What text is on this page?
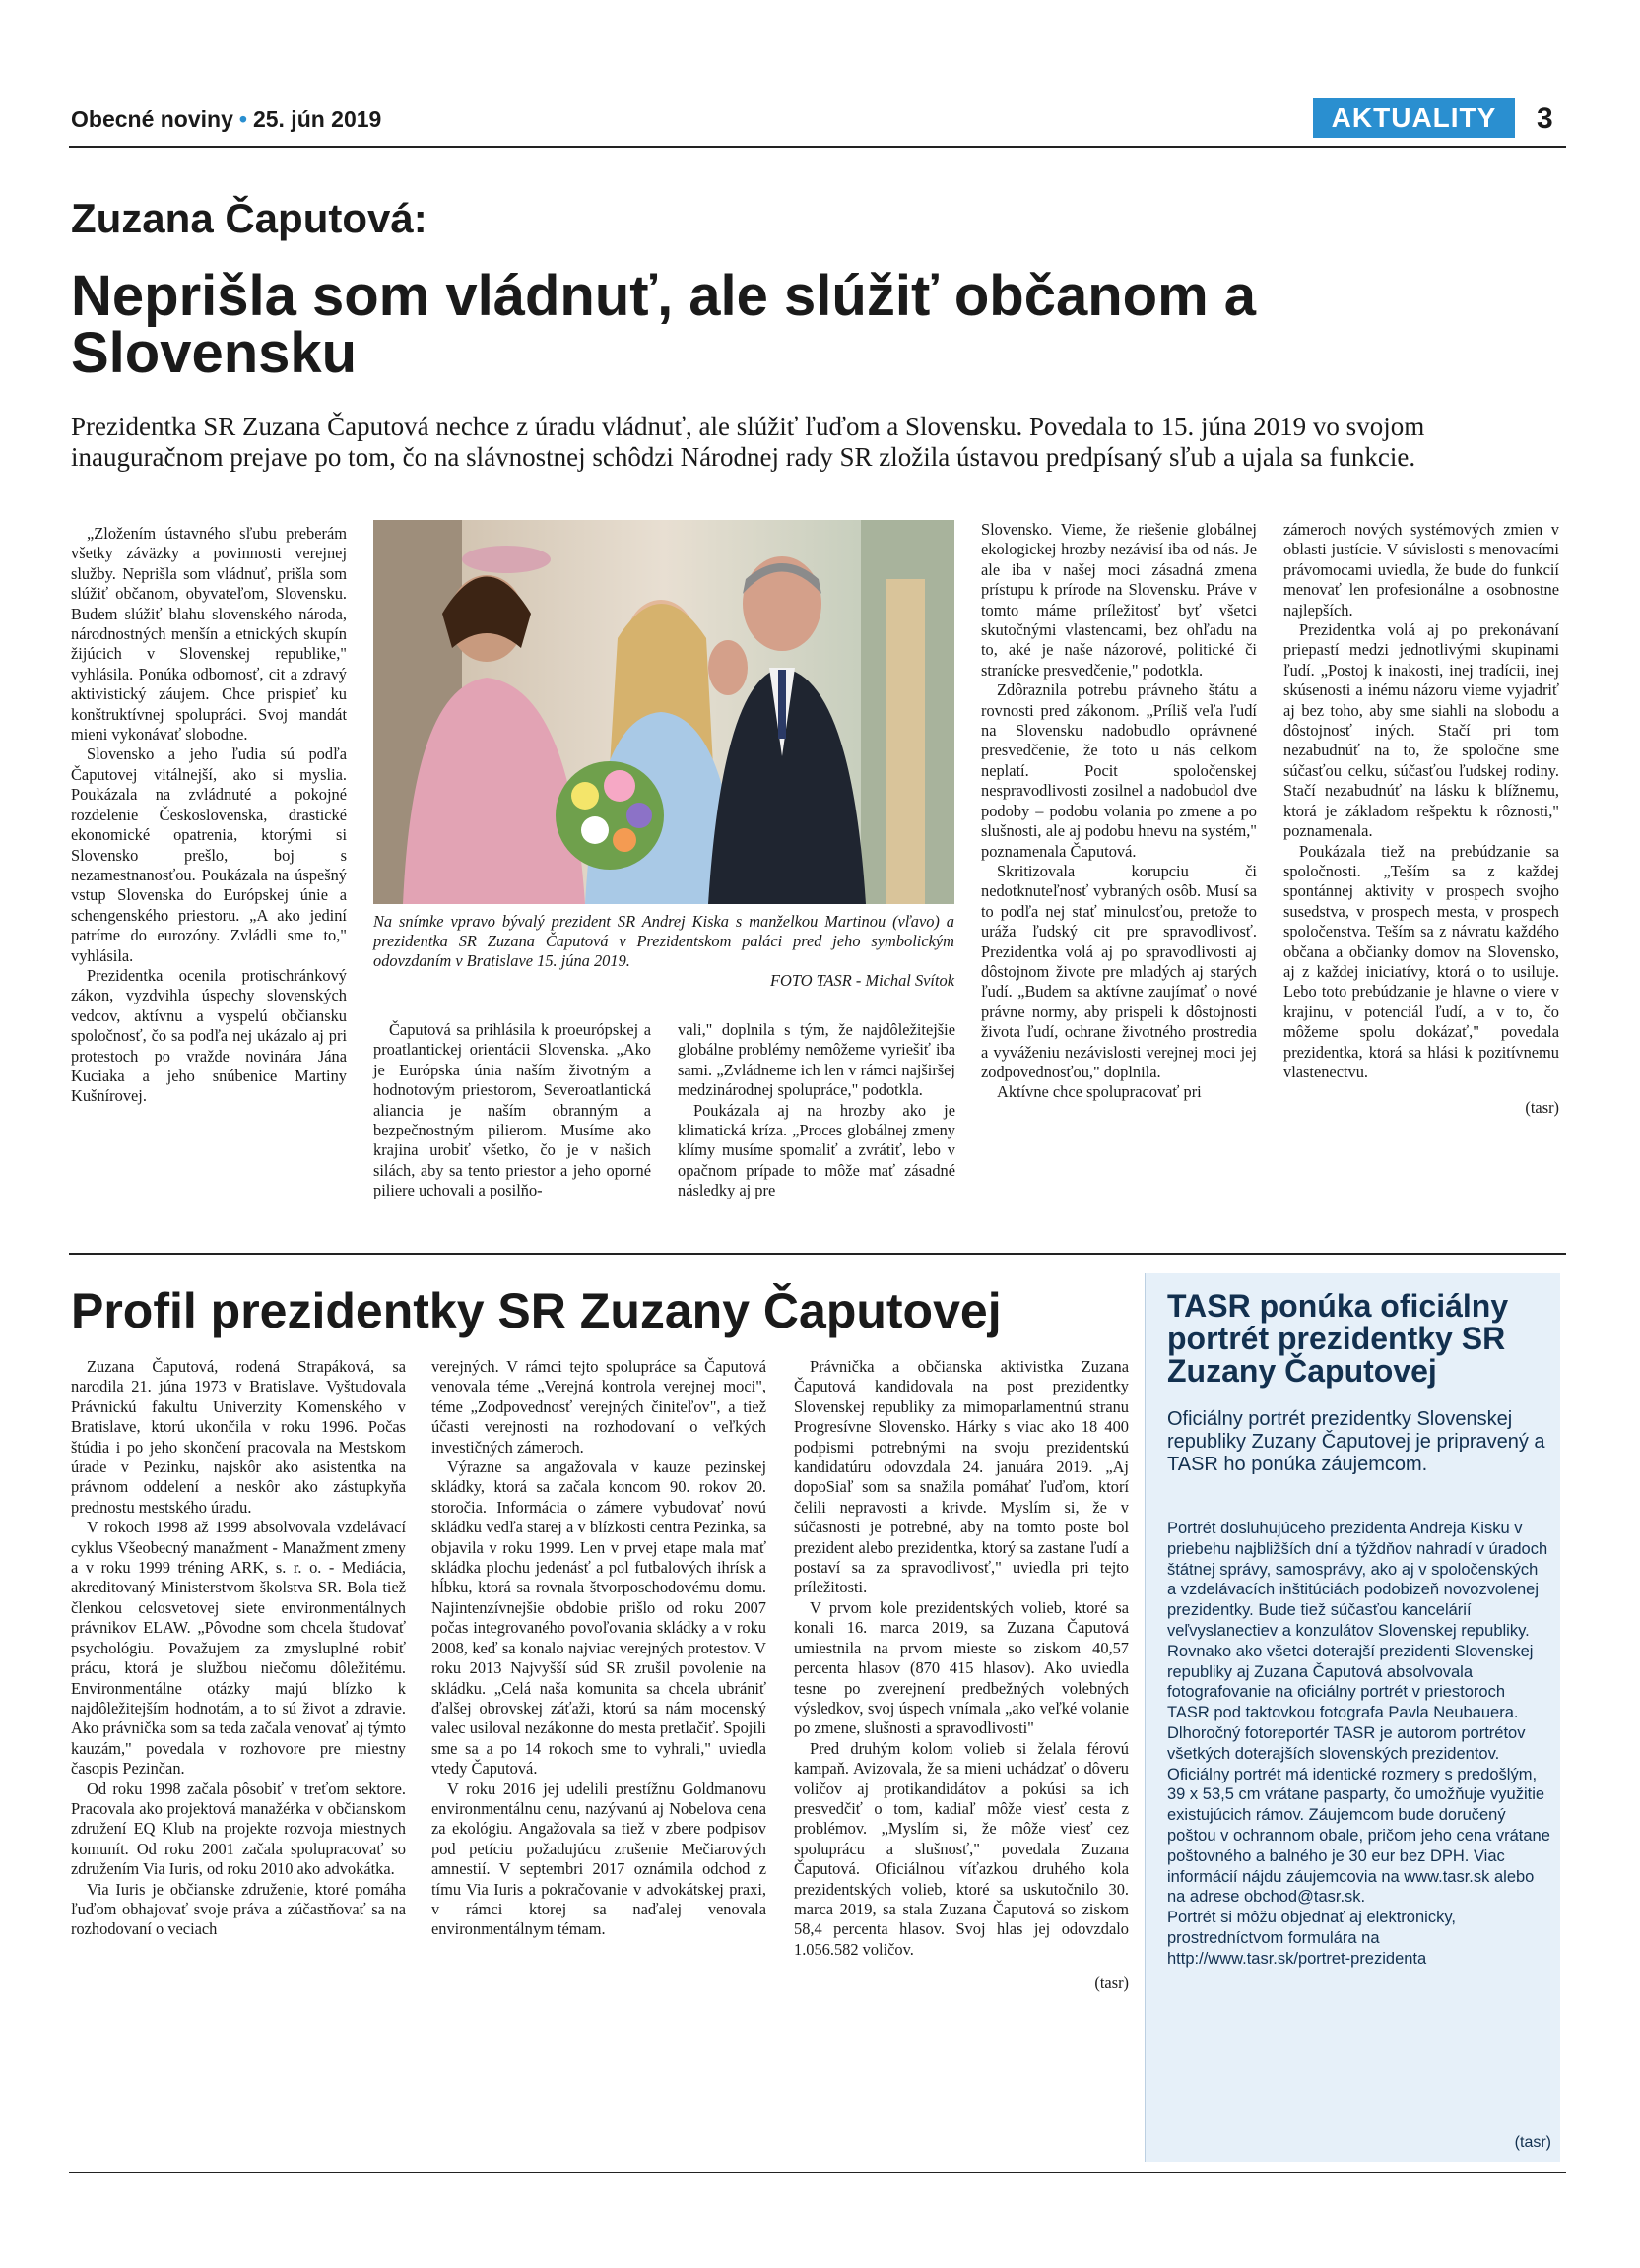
Obecné noviny • 25. jún 2019	AKTUALITY	3
Zuzana Čaputová:
Neprišla som vládnuť, ale slúžiť občanom a Slovensku
Prezidentka SR Zuzana Čaputová nechce z úradu vládnuť, ale slúžiť ľuďom a Slovensku. Povedala to 15. júna 2019 vo svojom inauguračnom prejave po tom, čo na slávnostnej schôdzi Národnej rady SR zložila ústavou predpísaný sľub a ujala sa funkcie.

„Zložením ústavného sľubu preberám všetky záväzky a povinnosti verejnej služby. Neprišla som vládnuť, prišla som slúžiť občanom, obyvateľom, Slovensku. Budem slúžiť blahu slovenského národa, národnostných menšín a etnických skupín žijúcich v Slovenskej republike," vyhlásila. Ponúka odbornosť, cit a zdravý aktivistický záujem. Chce prispieť ku konštruktívnej spolupráci. Svoj mandát mieni vykonávať slobodne.

Slovensko a jeho ľudia sú podľa Čaputovej vitálnejší, ako si myslia. Poukázala na zvládnuté a pokojné rozdelenie Československa, drastické ekonomické opatrenia, ktorými si Slovensko prešlo, boj s nezamestnanosťou. Poukázala na úspešný vstup Slovenska do Európskej únie a schengenského priestoru. „A ako jediní patríme do eurozóny. Zvládli sme to," vyhlásila.

Prezidentka ocenila protischránkový zákon, vyzdvihla úspechy slovenských vedcov, aktívnu a vyspelú občiansku spoločnosť, čo sa podľa nej ukázalo aj pri protestoch po vražde novinára Jána Kuciaka a jeho snúbenice Martiny Kušnírovej.

Na snímke vpravo bývalý prezident SR Andrej Kiska s manželkou Martinou (vľavo) a prezidentka SR Zuzana Čaputová v Prezidentskom paláci pred jeho symbolickým odovzdaním v Bratislave 15. júna 2019.
FOTO TASR - Michal Svítok

Čaputová sa prihlásila k proeurópskej a proatlantickej orientácii Slovenska. „Ako je Európska únia naším životným a hodnotovým priestorom, Severoatlantická aliancia je naším obranným a bezpečnostným pilierom. Musíme ako krajina urobiť všetko, čo je v našich silách, aby sa tento priestor a jeho oporné piliere uchovali a posilňo-

vali," doplnila s tým, že najdôležitejšie globálne problémy nemôžeme vyriešiť iba sami. „Zvládneme ich len v rámci najširšej medzinárodnej spolupráce," podotkla.

Poukázala aj na hrozby ako je klimatická kríza. „Proces globálnej zmeny klímy musíme spomaliť a zvrátiť, lebo v opačnom prípade to môže mať zásadné následky aj pre

Slovensko. Vieme, že riešenie globálnej ekologickej hrozby nezávisí iba od nás. Je ale iba v našej moci zásadná zmena prístupu k prírode na Slovensku. Práve v tomto máme príležitosť byť všetci skutočnými vlastencami, bez ohľadu na to, aké je naše názorové, politické či stranícke presvedčenie," podotkla.

Zdôraznila potrebu právneho štátu a rovnosti pred zákonom. „Príliš veľa ľudí na Slovensku nadobudlo oprávnené presvedčenie, že toto u nás celkom neplatí. Pocit spoločenskej nespravodlivosti zosilnel a nadobudol dve podoby – podobu volania po zmene a po slušnosti, ale aj podobu hnevu na systém," poznamenala Čaputová.

Skritizovala korupciu či nedotknuteľnosť vybraných osôb. Musí sa to podľa nej stať minulosťou, pretože to uráža ľudský cit pre spravodlivosť. Prezidentka volá aj po spravodlivosti aj dôstojnom živote pre mladých aj starých ľudí. „Budem sa aktívne zaujímať o nové právne normy, aby prispeli k dôstojnosti života ľudí, ochrane životného prostredia a vyváženiu nezávislosti verejnej moci jej zodpovednosťou," doplnila.

Aktívne chce spolupracovať pri

zámeroch nových systémových zmien v oblasti justície. V súvislosti s menovacími právomocami uviedla, že bude do funkcií menovať len profesionálne a osobnostne najlepších.

Prezidentka volá aj po prekonávaní priepastí medzi jednotlivými skupinami ľudí. „Postoj k inakosti, inej tradícii, inej skúsenosti a inému názoru vieme vyjadriť aj bez toho, aby sme siahli na slobodu a dôstojnosť iných. Stačí pri tom nezabudnúť na to, že spoločne sme súčasťou celku, súčasťou ľudskej rodiny. Stačí nezabudnúť na lásku k blížnemu, ktorá je základom rešpektu k rôznosti," poznamenala.

Poukázala tiež na prebúdzanie sa spoločnosti. „Teším sa z každej spontánnej aktivity v prospech svojho susedstva, v prospech mesta, v prospech spoločenstva. Teším sa z návratu každého občana a občianky domov na Slovensko, aj z každej iniciatívy, ktorá o to usiluje. Lebo toto prebúdzanie je hlavne o viere v krajinu, v potenciál ľudí, a v to, čo môžeme spolu dokázať," povedala prezidentka, ktorá sa hlási k pozitívnemu vlastenectvu.

(tasr)

Profil prezidentky SR Zuzany Čaputovej

Zuzana Čaputová, rodená Strapáková, sa narodila 21. júna 1973 v Bratislave. Vyštudovala Právnickú fakultu Univerzity Komenského v Bratislave, ktorú ukončila v roku 1996. Počas štúdia i po jeho skončení pracovala na Mestskom úrade v Pezinku, najskôr ako asistentka na právnom oddelení a neskôr ako zástupkyňa prednostu mestského úradu.

V rokoch 1998 až 1999 absolvovala vzdelávací cyklus Všeobecný manažment - Manažment zmeny a v roku 1999 tréning ARK, s. r. o. - Mediácia, akreditovaný Ministerstvom školstva SR. Bola tiež členkou celosvetovej siete environmentálnych právnikov ELAW. „Pôvodne som chcela študovať psychológiu. Považujem za zmysluplné robiť prácu, ktorá je službou niečomu dôležitému. Environmentálne otázky majú blízko k najdôležitejším hodnotám, a to sú život a zdravie. Ako právnička som sa teda začala venovať aj týmto kauzám," povedala v rozhovore pre miestny časopis Pezinčan.

Od roku 1998 začala pôsobiť v treťom sektore. Pracovala ako projektová manažérka v občianskom združení EQ Klub na projekte rozvoja miestnych komunít. Od roku 2001 začala spolupracovať so združením Via Iuris, od roku 2010 ako advokátka.

Via Iuris je občianske združenie, ktoré pomáha ľuďom obhajovať svoje práva a zúčastňovať sa na rozhodovaní o veciach

verejných. V rámci tejto spolupráce sa Čaputová venovala téme „Verejná kontrola verejnej moci", téme „Zodpovednosť verejných činiteľov", a tiež účasti verejnosti na rozhodovaní o veľkých investičných zámeroch.

Výrazne sa angažovala v kauze pezinskej skládky, ktorá sa začala koncom 90. rokov 20. storočia. Informácia o zámere vybudovať novú skládku vedľa starej a v blízkosti centra Pezinka, sa objavila v roku 1999. Len v prvej etape mala mať skládka plochu jedenásť a pol futbalových ihrísk a hĺbku, ktorá sa rovnala štvorposchodovému domu. Najintenzívnejšie obdobie prišlo od roku 2007 počas integrovaného povoľovania skládky a v roku 2008, keď sa konalo najviac verejných protestov. V roku 2013 Najvyšší súd SR zrušil povolenie na skládku. „Celá naša komunita sa chcela ubrániť ďalšej obrovskej záťaži, ktorú sa nám mocenský valec usiloval nezákonne do mesta pretlačiť. Spojili sme sa a po 14 rokoch sme to vyhrali," uviedla vtedy Čaputová.

V roku 2016 jej udelili prestížnu Goldmanovu environmentálnu cenu, nazývanú aj Nobelova cena za ekológiu. Angažovala sa tiež v zbere podpisov pod petíciu požadujúcu zrušenie Mečiarových amnestií. V septembri 2017 oznámila odchod z tímu Via Iuris a pokračovanie v advokátskej praxi, v rámci ktorej sa naďalej venovala environmentálnym témam.

Právnička a občianska aktivistka Zuzana Čaputová kandidovala na post prezidentky Slovenskej republiky za mimoparlamentnú stranu Progresívne Slovensko. Hárky s viac ako 18 400 podpismi potrebnými na svoju prezidentskú kandidatúru odovzdala 24. januára 2019. „Aj dopoSiaľ som sa snažila pomáhať ľuďom, ktorí čelili nepravosti a krivde. Myslím si, že v súčasnosti je potrebné, aby na tomto poste bol prezident alebo prezidentka, ktorý sa zastane ľudí a postaví sa za spravodlivosť," uviedla pri tejto príležitosti.

V prvom kole prezidentských volieb, ktoré sa konali 16. marca 2019, sa Zuzana Čaputová umiestnila na prvom mieste so ziskom 40,57 percenta hlasov (870 415 hlasov). Ako uviedla tesne po zverejnení predbežných volebných výsledkov, svoj úspech vnímala „ako veľké volanie po zmene, slušnosti a spravodlivosti"

Pred druhým kolom volieb si želala férovú kampaň. Avizovala, že sa mieni uchádzať o dôveru voličov aj protikandidátov a pokúsi sa ich presvedčiť o tom, kadiaľ môže viesť cesta z problémov. „Myslím si, že môže viesť cez spoluprácu a slušnosť," povedala Zuzana Čaputová. Oficiálnou víťazkou druhého kola prezidentských volieb, ktoré sa uskutočnilo 30. marca 2019, sa stala Zuzana Čaputová so ziskom 58,4 percenta hlasov. Svoj hlas jej odovzdalo 1.056.582 voličov.

(tasr)

TASR ponúka oficiálny portrét prezidentky SR Zuzany Čaputovej
Oficiálny portrét prezidentky Slovenskej republiky Zuzany Čaputovej je pripravený a TASR ho ponúka záujemcom.

Portrét dosluhujúceho prezidenta Andreja Kisku v priebehu najbližších dní a týždňov nahradí v úradoch štátnej správy, samosprávy, ako aj v spoločenských a vzdelávacích inštitúciách podobizeň novozvolenej prezidentky. Bude tiež súčasťou kancelárií veľvyslanectiev a konzulátov Slovenskej republiky.

Rovnako ako všetci doterajší prezidenti Slovenskej republiky aj Zuzana Čaputová absolvovala fotografovanie na oficiálny portrét v priestoroch TASR pod taktovkou fotografa Pavla Neubauera. Dlhoročný fotoreportér TASR je autorom portrétov všetkých doterajších slovenských prezidentov.

Oficiálny portrét má identické rozmery s predošlým, 39 x 53,5 cm vrátane pasparty, čo umožňuje využitie existujúcich rámov. Záujemcom bude doručený poštou v ochrannom obale, pričom jeho cena vrátane poštovného a balného je 30 eur bez DPH. Viac informácií nájdu záujemcovia na www.tasr.sk alebo na adrese obchod@tasr.sk.

Portrét si môžu objednať aj elektronicky, prostredníctvom formulára na http://www.tasr.sk/portret-prezidenta

(tasr)
